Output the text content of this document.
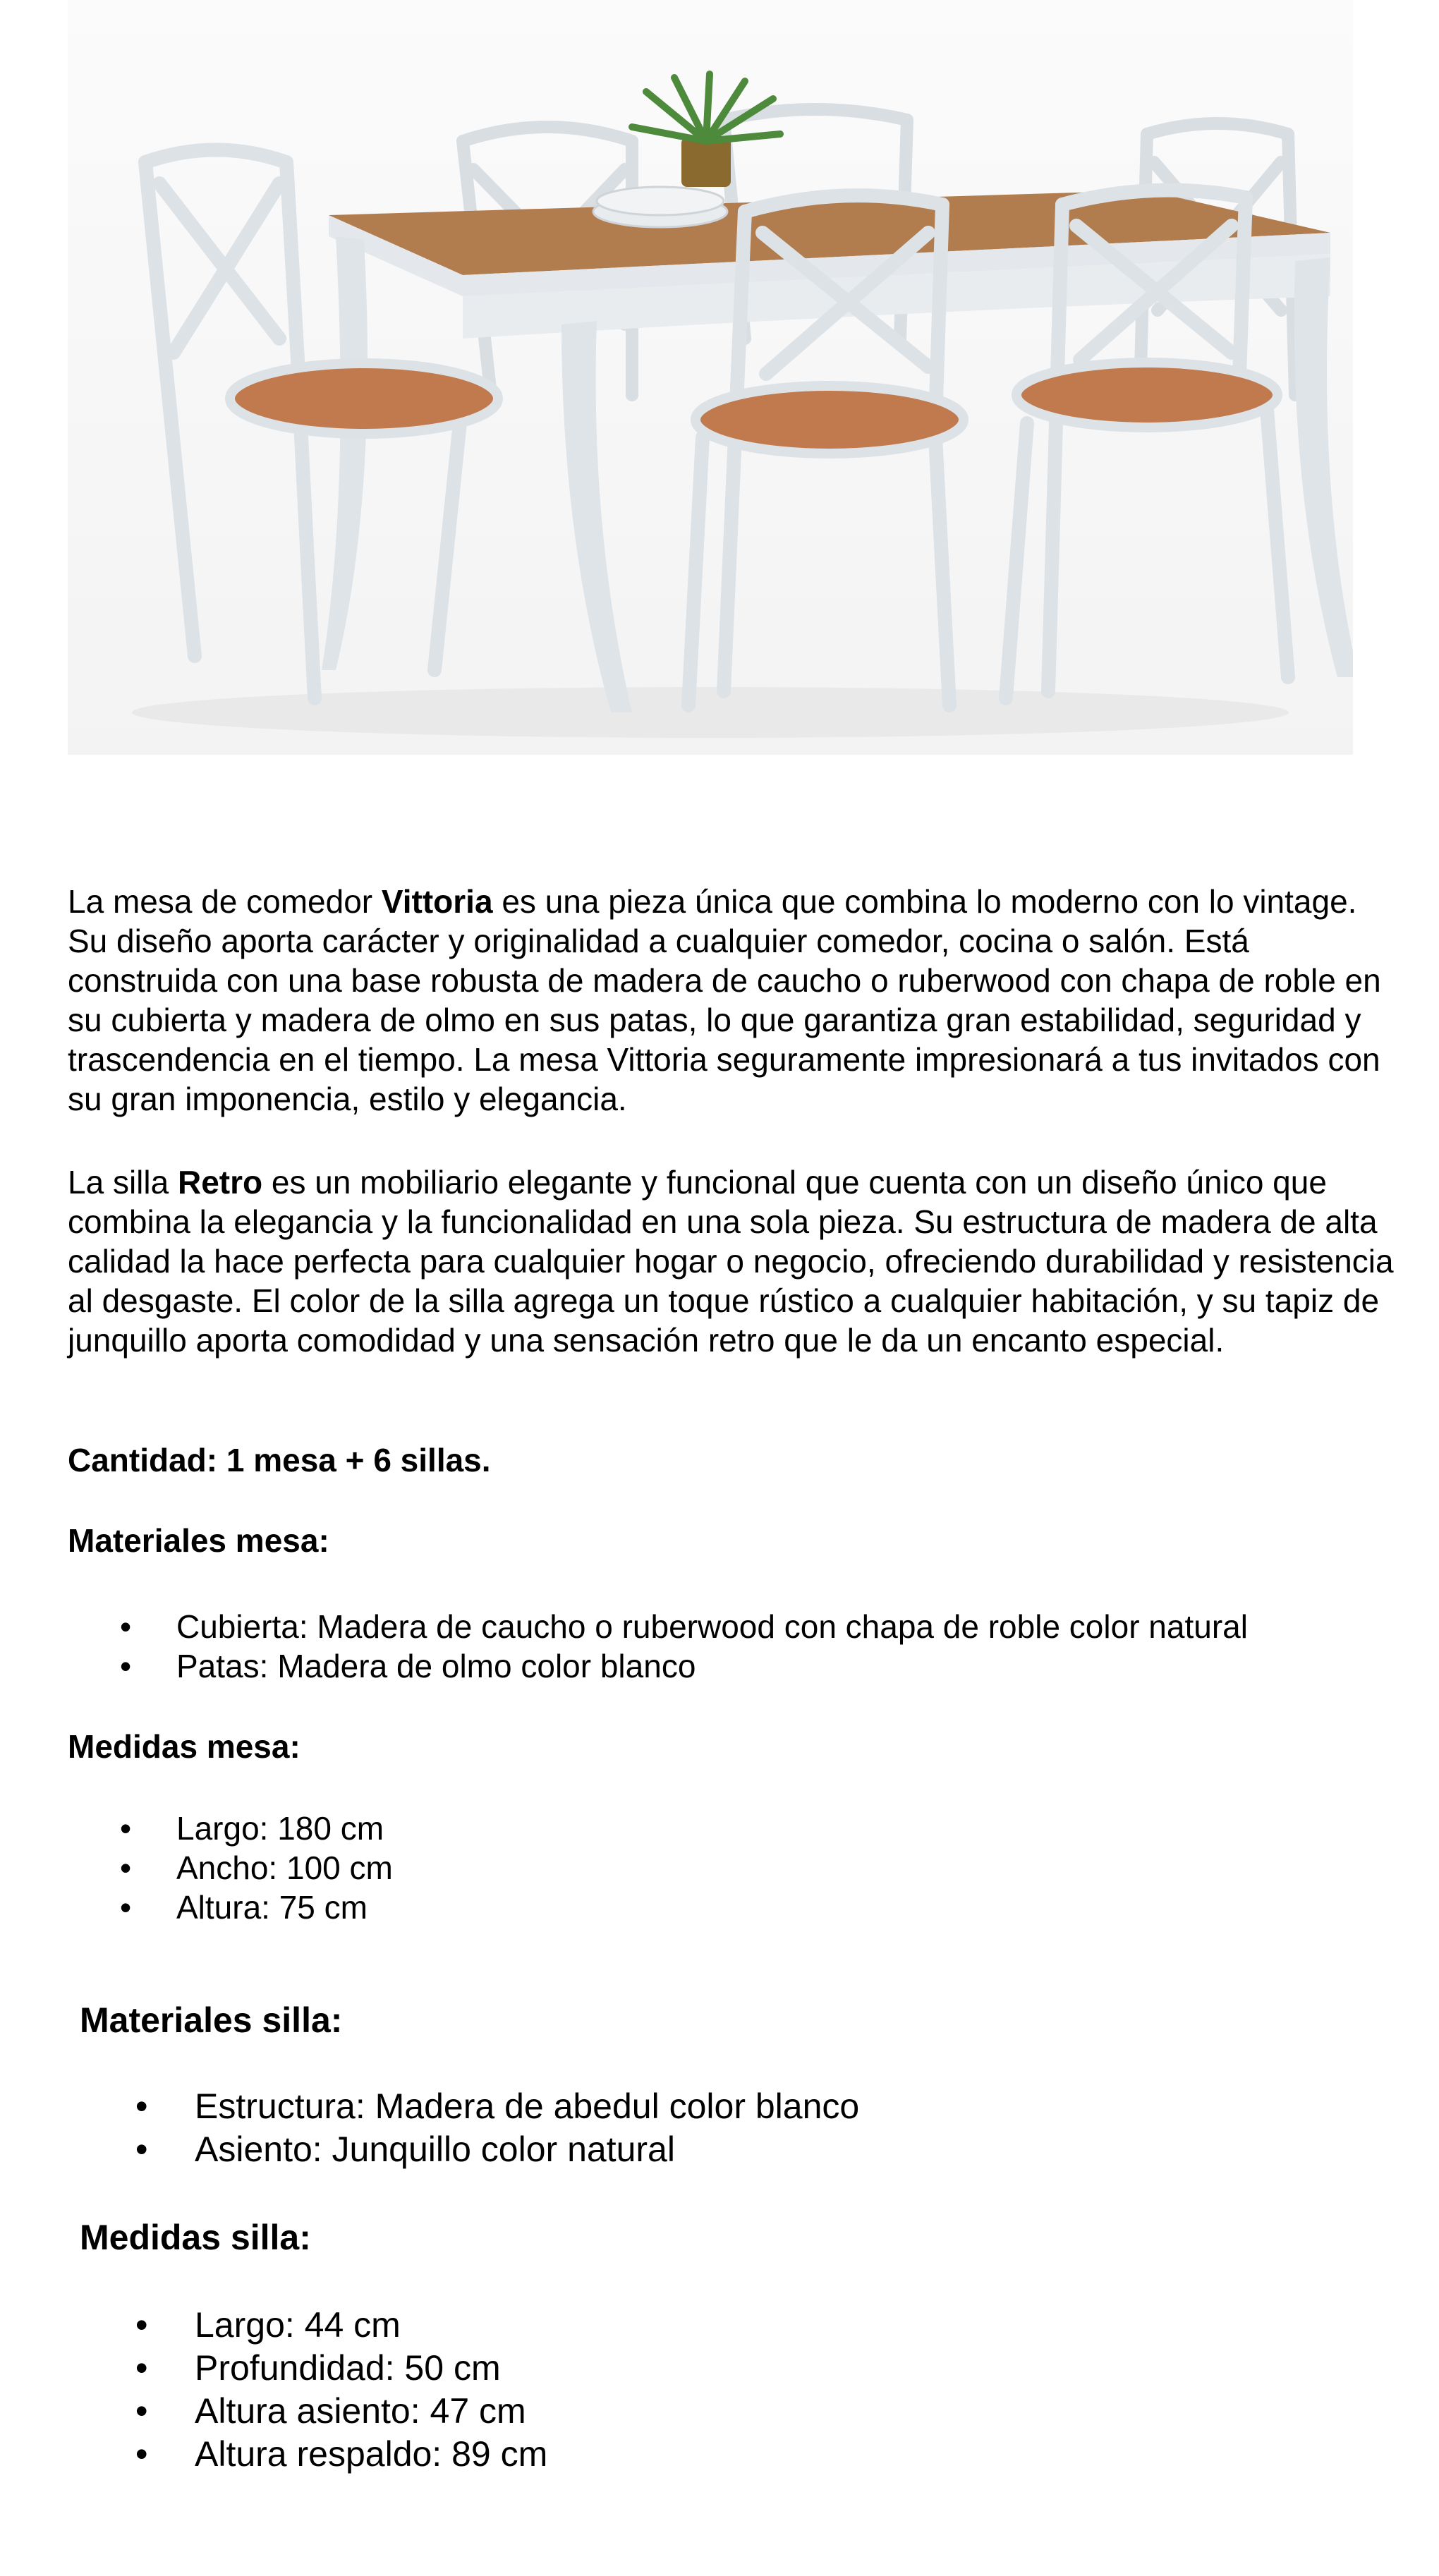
La mesa de comedor Vittoria es una pieza única que combina lo moderno con lo vintage. Su diseño aporta carácter y originalidad a cualquier comedor, cocina o salón. Está construida con una base robusta de madera de caucho o ruberwood con chapa de roble en su cubierta y madera de olmo en sus patas, lo que garantiza gran estabilidad, seguridad y trascendencia en el tiempo. La mesa Vittoria seguramente impresionará a tus invitados con su gran imponencia, estilo y elegancia.

La silla Retro es un mobiliario elegante y funcional que cuenta con un diseño único que combina la elegancia y la funcionalidad en una sola pieza. Su estructura de madera de alta calidad la hace perfecta para cualquier hogar o negocio, ofreciendo durabilidad y resistencia al desgaste. El color de la silla agrega un toque rústico a cualquier habitación, y su tapiz de junquillo aporta comodidad y una sensación retro que le da un encanto especial.

Cantidad: 1 mesa + 6 sillas.
Materiales mesa:
• Cubierta: Madera de caucho o ruberwood con chapa de roble color natural
• Patas: Madera de olmo color blanco
Medidas mesa:
• Largo: 180 cm
• Ancho: 100 cm
• Altura: 75 cm
Materiales silla:
• Estructura: Madera de abedul color blanco
• Asiento: Junquillo color natural
Medidas silla:
• Largo: 44 cm
• Profundidad: 50 cm
• Altura asiento: 47 cm
• Altura respaldo: 89 cm
